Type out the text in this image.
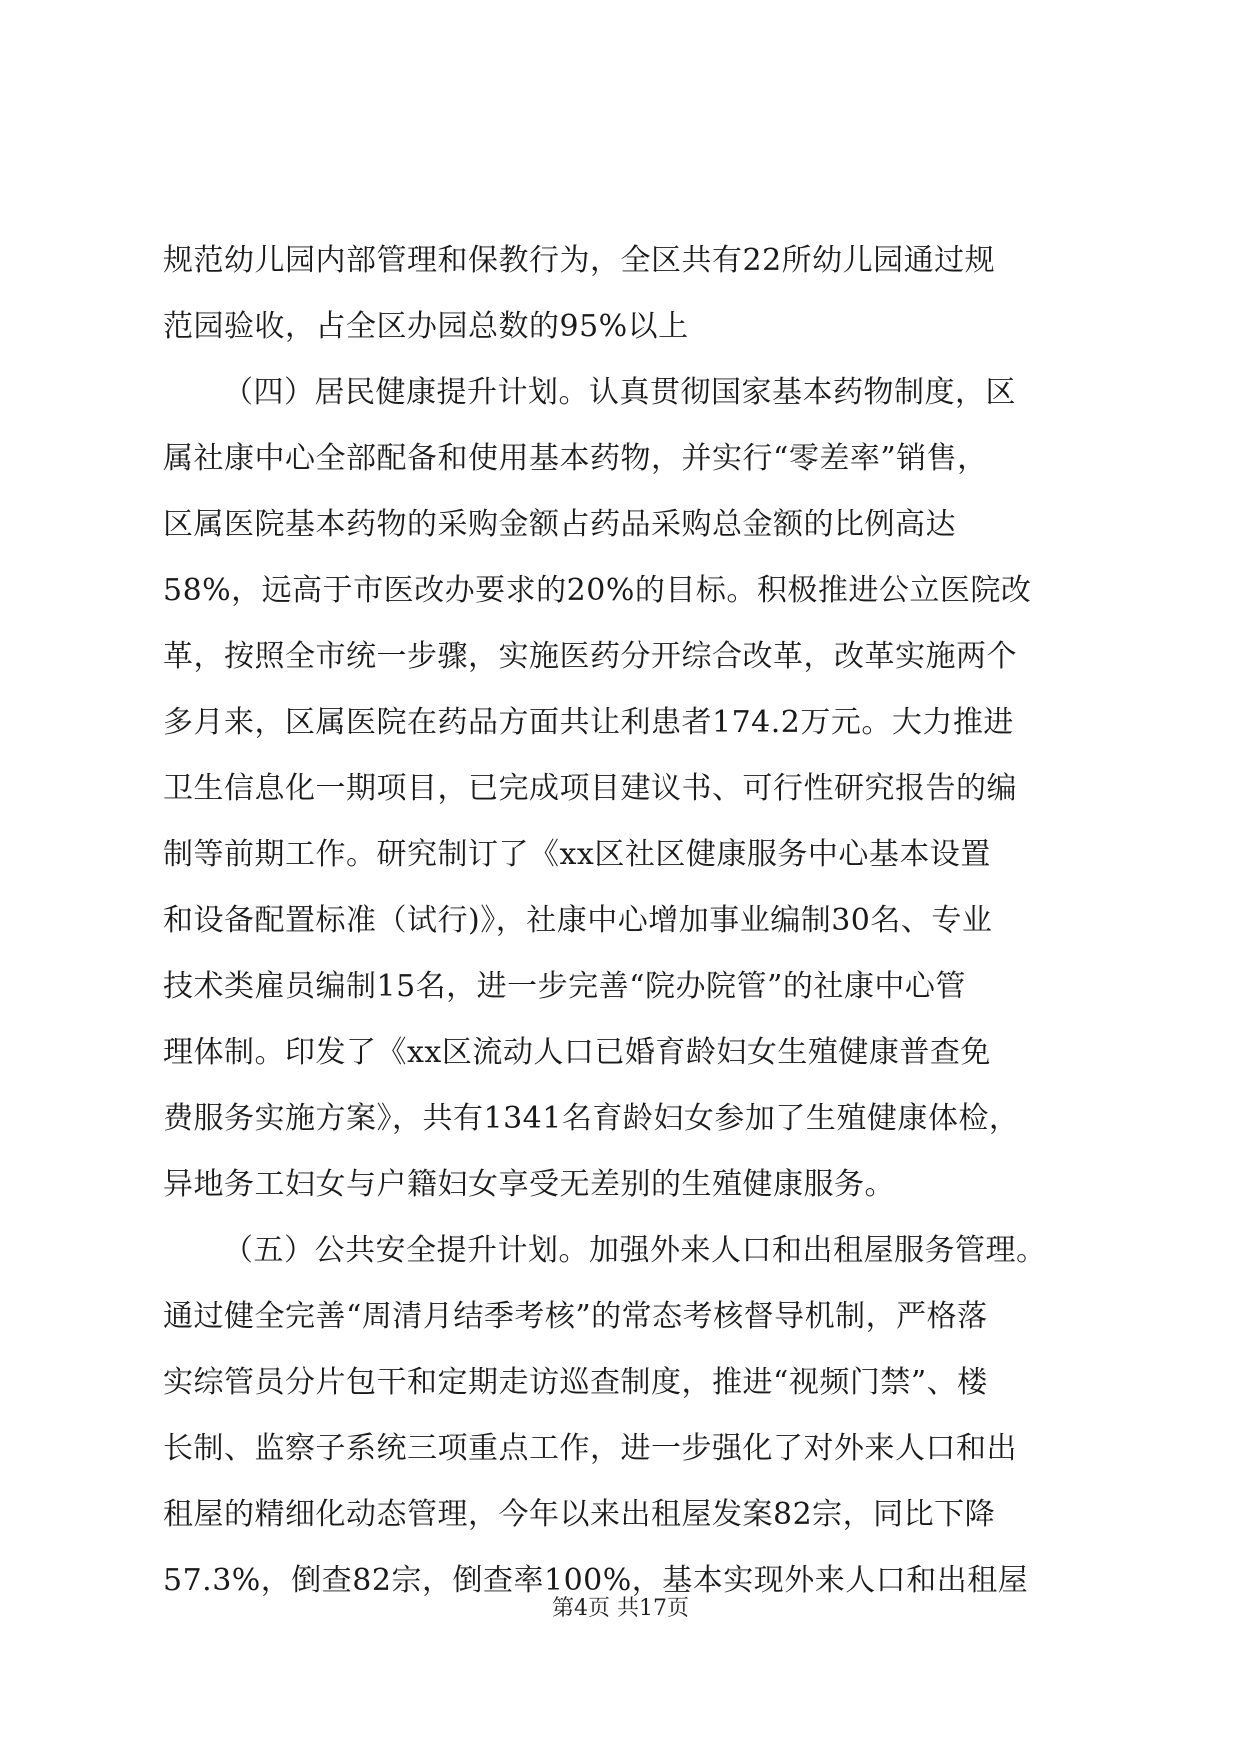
规范幼儿园内部管理和保教行为，全区共有22所幼儿园通过规
范园验收，占全区办园总数的95%以上
（四）居民健康提升计划。认真贯彻国家基本药物制度，区
属社康中心全部配备和使用基本药物，并实行“零差率”销售，
区属医院基本药物的采购金额占药品采购总金额的比例高达
58%，远高于市医改办要求的20%的目标。积极推进公立医院改
革，按照全市统一步骤，实施医药分开综合改革，改革实施两个
多月来，区属医院在药品方面共让利患者174.2万元。大力推进
卫生信息化一期项目，已完成项目建议书、可行性研究报告的编
制等前期工作。研究制订了《xx区社区健康服务中心基本设置
和设备配置标准（试行)》，社康中心增加事业编制30名、专业
技术类雇员编制15名，进一步完善“院办院管”的社康中心管
理体制。印发了《xx区流动人口已婚育龄妇女生殖健康普查免
费服务实施方案》，共有1341名育龄妇女参加了生殖健康体检，
异地务工妇女与户籍妇女享受无差别的生殖健康服务。
（五）公共安全提升计划。加强外来人口和出租屋服务管理。
通过健全完善“周清月结季考核”的常态考核督导机制，严格落
实综管员分片包干和定期走访巡查制度，推进“视频门禁”、楼
长制、监察子系统三项重点工作，进一步强化了对外来人口和出
租屋的精细化动态管理，今年以来出租屋发案82宗，同比下降
57.3%，倒查82宗，倒查率100%，基本实现外来人口和出租屋
第4页 共17页
